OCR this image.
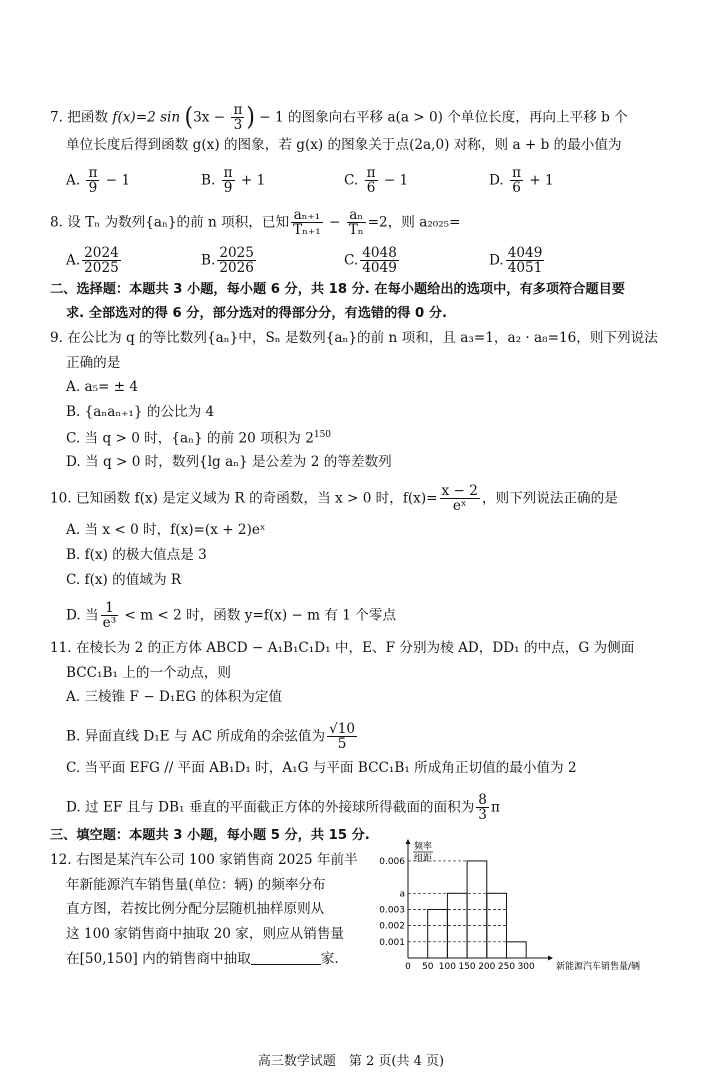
7. 把函数 f(x)=2 $\sin (3x - \frac{\pi}{3}$ ) − 1 的图象向右平移 a(a > 0) 个单位长度，再向上平移 b 个
单位长度后得到函数 g(x) 的图象，若 g(x) 的图象关于点(2a,0) 对称，则 a + b 的最小值为
A. $\frac{\pi}{9} - 1$	B. $\frac{\pi}{9} + 1$	C. $\frac{\pi}{6} - 1$	D. $\frac{\pi}{6} + 1$
8. 设 Tₙ 为数列{aₙ}的前 n 项积，已知 $\frac{\text{aₙ₊₁}}{\text{Tₙ₊₁}} - \frac{\text{aₙ}}{\text{Tₙ}} =2$，则 a₂₀₂₅=
A. $\frac{2024}{2025}$	B. $\frac{2025}{2026}$	C. $\frac{4048}{4049}$	D. $\frac{4049}{4051}$
二、选择题：本题共 3 小题，每小题 6 分，共 18 分. 在每小题给出的选项中，有多项符合题目要
求. 全部选对的得 6 分，部分选对的得部分分，有选错的得 0 分.
9. 在公比为 q 的等比数列{aₙ}中，Sₙ 是数列{aₙ}的前 n 项和，且 a₃=1，a₂ · a₈=16，则下列说法
正确的是
A. a₅= ± 4
B. {aₙaₙ₊₁} 的公比为 4
C. 当 q > 0 时，{aₙ} 的前 20 项积为 $2^{150}$
D. 当 q > 0 时，数列{lg aₙ} 是公差为 2 的等差数列
10. 已知函数 f(x) 是定义域为 R 的奇函数，当 x > 0 时，$f(x)= \frac{x - 2}{\text{eˣ}}$ ，则下列说法正确的是
A. 当 x < 0 时，f(x)=(x + 2)eˣ
B. f(x) 的极大值点是 3
C. f(x) 的值域为 R
D. 当 $\frac{1}{\text{e³}} < m < 2$ 时，函数 y=f(x) − m 有 1 个零点
11. 在棱长为 2 的正方体 ABCD − A₁B₁C₁D₁ 中，E、F 分别为棱 AD，DD₁ 的中点，G 为侧面
BCC₁B₁ 上的一个动点，则
A. 三棱锥 F − D₁EG 的体积为定值
B. 异面直线 D₁E 与 AC 所成角的余弦值为 $\frac{√10}{5}$
C. 当平面 EFG // 平面 AB₁D₁ 时，A₁G 与平面 BCC₁B₁ 所成角正切值的最小值为 2
D. 过 EF 且与 DB₁ 垂直的平面截正方体的外接球所得截面的面积为 $\frac{8}{3}$ π
三、填空题：本题共 3 小题，每小题 5 分，共 15 分.
12. 右图是某汽车公司 100 家销售商 2025 年前半
年新能源汽车销售量(单位：辆) 的频率分布
直方图，若按比例分配分层随机抽样原则从
这 100 家销售商中抽取 20 家，则应从销售量
在[50,150] 内的销售商中抽取	家.
0.006
a
0.003
0.002
0.001
0 50 100 150 200 250 300
频率
组距
新能源汽车销售量/辆
高三数学试题　第 2 页(共 4 页)
